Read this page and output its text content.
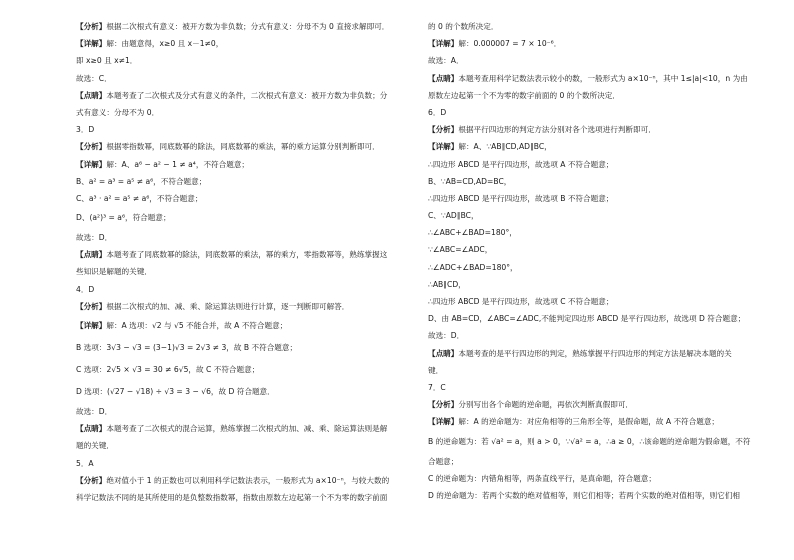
【分析】根据二次根式有意义：被开方数为非负数；分式有意义：分母不为 0 直接求解即可．
【详解】解：由题意得，x≥0 且 x－1≠0，
即 x≥0 且 x≠1．
故选：C．
【点睛】本题考查了二次根式及分式有意义的条件，二次根式有意义：被开方数为非负数；分
式有意义：分母不为 0．
3．D
【分析】根据零指数幂，同底数幂的除法，同底数幂的乘法，幂的乘方运算分别判断即可．
【详解】解：A、a⁶ − a² − 1 ≠ a⁴，不符合题意；
B、a² = a³ = a⁵ ≠ a⁶，不符合题意；
C、a³ · a² = a⁵ ≠ a⁶，不符合题意；
D、(a²)³ = a⁶，符合题意；
故选：D．
【点睛】本题考查了同底数幂的除法，同底数幂的乘法，幂的乘方，零指数幂等，熟练掌握这
些知识是解题的关键．
4．D
【分析】根据二次根式的加、减、乘、除运算法则进行计算，逐一判断即可解答．
【详解】解：A 选项：√2 与 √5 不能合并，故 A 不符合题意；
B 选项：3√3 − √3 = (3−1)√3 = 2√3 ≠ 3，故 B 不符合题意；
C 选项：2√5 × √3 = 30 ≠ 6√5，故 C 不符合题意；
D 选项：(√27 − √18) ÷ √3 = 3 − √6，故 D 符合题意．
故选：D．
【点睛】本题考查了二次根式的混合运算，熟练掌握二次根式的加、减、乘、除运算法则是解
题的关键．
5．A
【分析】绝对值小于 1 的正数也可以利用科学记数法表示，一般形式为 a×10⁻ⁿ，与较大数的
科学记数法不同的是其所使用的是负整数指数幂，指数由原数左边起第一个不为零的数字前面
的 0 的个数所决定．
【详解】解：0.000007 = 7 × 10⁻⁶．
故选：A．
【点睛】本题考查用科学记数法表示较小的数，一般形式为 a×10⁻ⁿ，其中 1≤|a|<10，n 为由
原数左边起第一个不为零的数字前面的 0 的个数所决定．
6．D
【分析】根据平行四边形的判定方法分别对各个选项进行判断即可．
【详解】解：A、∵AB∥CD,AD∥BC，
∴四边形 ABCD 是平行四边形，故选项 A 不符合题意；
B、∵AB=CD,AD=BC，
∴四边形 ABCD 是平行四边形，故选项 B 不符合题意；
C、∵AD∥BC，
∴∠ABC+∠BAD=180°，
∵∠ABC=∠ADC，
∴∠ADC+∠BAD=180°，
∴AB∥CD，
∴四边形 ABCD 是平行四边形，故选项 C 不符合题意；
D、由 AB=CD，∠ABC=∠ADC,不能判定四边形 ABCD 是平行四边形，故选项 D 符合题意；
故选：D．
【点睛】本题考查的是平行四边形的判定，熟练掌握平行四边形的判定方法是解决本题的关
键．
7．C
【分析】分别写出各个命题的逆命题，再依次判断真假即可．
【详解】解：A 的逆命题为：对应角相等的三角形全等，是假命题，故 A 不符合题意；
B 的逆命题为：若 √a² = a，则 a > 0，∵√a² = a，∴a ≥ 0，∴该命题的逆命题为假命题，不符
合题意；
C 的逆命题为：内错角相等，两条直线平行，是真命题，符合题意；
D 的逆命题为：若两个实数的绝对值相等，则它们相等；若两个实数的绝对值相等，则它们相
